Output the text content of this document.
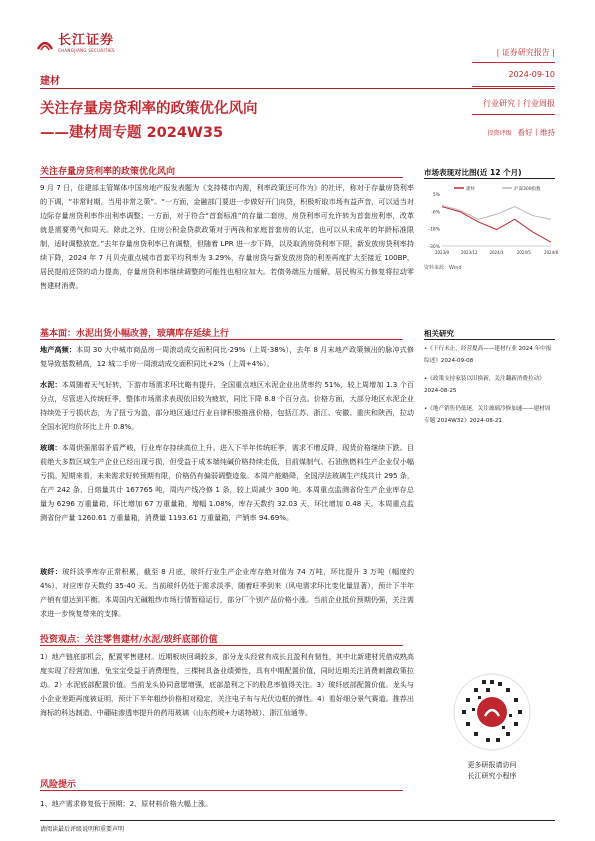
长江证券
CHANGJIANG SECURITIES
建材
关注存量房贷利率的政策优化风向
——建材周专题 2024W35
| 证券研究报告 |
2024-09-10
行业研究丨行业周报
投资评级 看好丨维持
关注存量房贷利率的政策优化风向
9 月 7 日，住建部主管媒体中国房地产报发表题为《支持楼市内需，利率政策还可作为》的社评，称对于存量房贷利率的下调，“非常时期，当用非常之策”。“一方面，金融部门要进一步做好开门向贷，积极听取市场有益声音，可以适当对边际存量房贷利率作出利率调整；一方面，对于符合“首套标准”的存量二套房，房贷利率可允许转为首套房利率，改革就是需要勇气和周天。除此之外，住房公积金贷款政策对于两孩和家庭首套房的认定，也可以从未成年的年龄标准限制，适时调整放宽。”去年存量房贷利率已有调整，但随着 LPR 进一步下降，以及取消房贷利率下限，新发放房贷利率持续下降，2024 年 7 月贝壳重点城市首套平均利率为 3.29%，存量房贷与新发放房贷的利差再度扩大至接近 100BP，居民提前还贷的动力提高，存量房贷利率继续调整的可能性也相应加大。若债务端压力缓解，居民购买力修复将拉动零售建材消费。
基本面：水泥出货小幅改善，玻璃库存延续上行
地产高频：本周 30 大中城市商品房一周滚动成交面积同比-29%（上周-38%），去年 8 月末地产政策频出的脉冲式修复导致基数稍高，12 城二手房一周滚动成交面积同比+2%（上周+4%）。
水泥：本周随着天气好转，下游市场需求环比略有提升，全国重点地区水泥企业出货率约 51%，较上周增加 1.3 个百分点，尽管进入传统旺季，整体市场需求表现依旧较为疲软，同比下降 8.8 个百分点。价格方面，大部分地区水泥企业持续处于亏损状态，为了扭亏为盈，部分地区通过行业自律积极推涨价格，包括江苏、浙江、安徽、重庆和陕西，拉动全国水泥均价环比上升 0.8%。
玻璃：本周供强需弱矛盾严峻，行业库存持续高位上升。进入下半年传统旺季，需求不增反降，现货价格继续下跌。目前绝大多数区域生产企业已经出现亏损，但受益于成本端纯碱价格持续走低，目前煤制气、石油焦燃料生产企业仅小幅亏损。短期来看，未来需求好转预期有限，价格仍有偏弱调整迹象。本周产能略降，全国浮法玻璃生产线共计 295 条，在产 242 条，日熔量共计 167765 吨，周内产线冷修 1 条，较上周减少 300 吨。本周重点监测省份生产企业库存总量为 6296 万重量箱，环比增加 67 万重量箱，增幅 1.08%，库存天数约 32.03 天，环比增加 0.48 天。本周重点监测省份产量 1260.61 万重量箱，消费量 1193.61 万重量箱，产销率 94.69%。
玻纤：玻纤淡季库存正常积累，截至 8 月底，玻纤行业生产企业库存绝对值为 74 万吨，环比提升 3 万吨（幅度约 4%），对应库存天数约 35-40 天。当前玻纤仍处于需求淡季，随着旺季到来（风电需求环比变化量显著），预计下半年产销有望达到平衡。本周国内无碱粗纱市场行情暂稳运行，部分厂个别产品价格小涨。当前企业抵价预期仍强，关注需求进一步恢复带来的支撑。
投资观点：关注零售建材/水泥/玻纤底部价值
1）地产链底部机会，配置零售建材。近期板块回调较多，部分龙头经营有成长且盈利有韧性，其中北新建材凭借成熟高度实现了经营加速，兔宝宝受益于消费理性，三棵树具备业绩弹性，具有中期配置价值，同时近期关注消费刺激政策拉动。2）水泥底部配置价值。当前龙头协同意愿增强，底部盈利之下的股息率值得关注。3）玻纤底部配置价值。龙头与小企业差距再度被证明，预计下半年粗纱价格相对稳定，关注电子布与光伏边框的弹性。4）看好细分景气赛道。推荐出海标的科达制造、中硼硅渗透率提升的药用玻璃（山东药玻+力诺特玻）、浙江仙通等。
风险提示
1、地产需求修复低于预期；2、原材料价格大幅上涨。
市场表现对比图(近 12 个月)
5%
-6%
-18%
-30%
2023/9	2023/12	2024/3	2024/5	2024/8
建材	沪深300指数
资料来源：Wind
相关研究
•《下行未止，经营提高——建材行业 2024 年中报综述》2024-09-08
•《政策支持家装以旧换新，关注翻新消费拉动》2024-08-25
•《地产销售仍低迷，关注玻璃冷修加速——建材周专题 2024W32》2024-08-21
更多研报请访问
长江研究小程序
请阅读最后评级说明和重要声明
